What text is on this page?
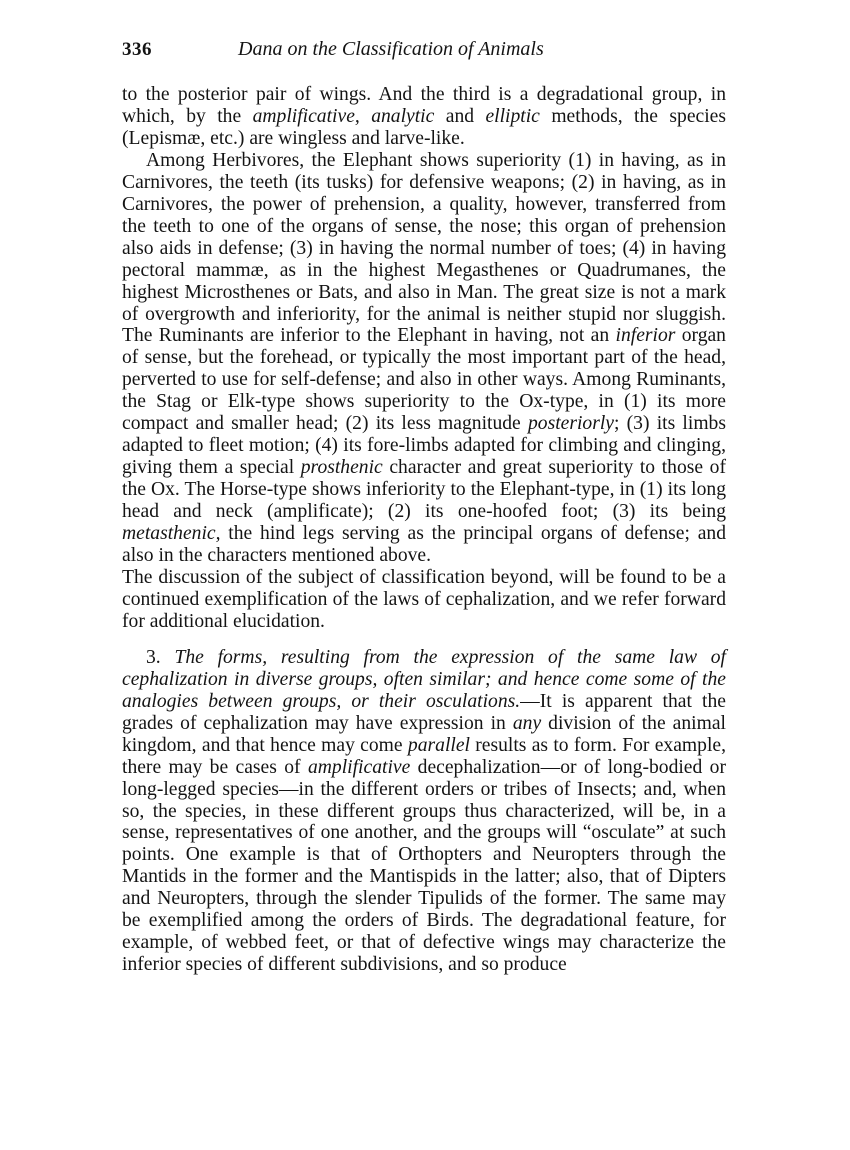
336	Dana on the Classification of Animals

to the posterior pair of wings. And the third is a degradational group, in which, by the amplificative, analytic and elliptic methods, the species (Lepismæ, etc.) are wingless and larve-like.

Among Herbivores, the Elephant shows superiority (1) in having, as in Carnivores, the teeth (its tusks) for defensive weapons; (2) in having, as in Carnivores, the power of prehension, a quality, however, transferred from the teeth to one of the organs of sense, the nose; this organ of prehension also aids in defense; (3) in having the normal number of toes; (4) in having pectoral mammæ, as in the highest Megasthenes or Quadrumanes, the highest Microsthenes or Bats, and also in Man. The great size is not a mark of overgrowth and inferiority, for the animal is neither stupid nor sluggish. The Ruminants are inferior to the Elephant in having, not an inferior organ of sense, but the forehead, or typically the most important part of the head, perverted to use for self-defense; and also in other ways. Among Ruminants, the Stag or Elk-type shows superiority to the Ox-type, in (1) its more compact and smaller head; (2) its less magnitude posteriorly; (3) its limbs adapted to fleet motion; (4) its fore-limbs adapted for climbing and clinging, giving them a special prosthenic character and great superiority to those of the Ox. The Horse-type shows inferiority to the Elephant-type, in (1) its long head and neck (amplificate); (2) its one-hoofed foot; (3) its being metasthenic, the hind legs serving as the principal organs of defense; and also in the characters mentioned above.

The discussion of the subject of classification beyond, will be found to be a continued exemplification of the laws of cephalization, and we refer forward for additional elucidation.

3. The forms, resulting from the expression of the same law of cephalization in diverse groups, often similar; and hence come some of the analogies between groups, or their osculations.—It is apparent that the grades of cephalization may have expression in any division of the animal kingdom, and that hence may come parallel results as to form. For example, there may be cases of amplificative decephalization—or of long-bodied or long-legged species—in the different orders or tribes of Insects; and, when so, the species, in these different groups thus characterized, will be, in a sense, representatives of one another, and the groups will “osculate” at such points. One example is that of Orthopters and Neuropters through the Mantids in the former and the Mantispids in the latter; also, that of Dipters and Neuropters, through the slender Tipulids of the former. The same may be exemplified among the orders of Birds. The degradational feature, for example, of webbed feet, or that of defective wings may characterize the inferior species of different subdivisions, and so produce
